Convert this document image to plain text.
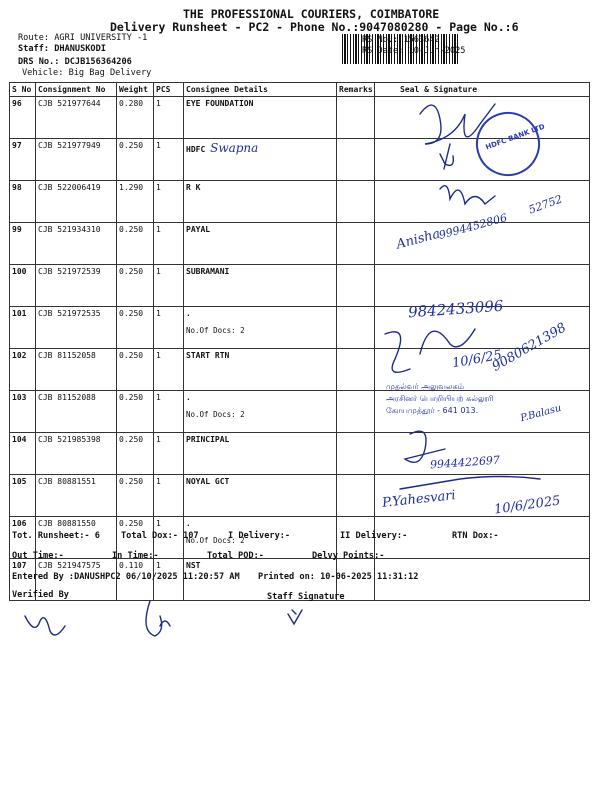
THE PROFESSIONAL COURIERS, COIMBATORE
Delivery Runsheet - PC2 - Phone No.:9047080280 - Page No.:6
Route: AGRI UNIVERSITY -1
Staff: DHANUSKODI
DRS No.: DCJB156364206
Vehicle: Big Bag Delivery
RS No.: 1563642
RS Date: 10-Jun-2025
S No	Consignment No	Weight	PCS	Consignee Details	Remarks	Seal & Signature
96	CJB 521977644	0.280	1	EYE FOUNDATION		
97	CJB 521977949	0.250	1	HDFC Swapna		
98	CJB 522006419	1.290	1	R K		
99	CJB 521934310	0.250	1	PAYAL		
100	CJB 521972539	0.250	1	SUBRAMANI		
101	CJB 521972535	0.250	1	.
No.Of Docs: 2		

102	CJB 81152058	0.250	1	START RTN		
103	CJB 81152088	0.250	1	.
No.Of Docs: 2		

104	CJB 521985398	0.250	1	PRINCIPAL		
105	CJB 80881551	0.250	1	NOYAL GCT		
106	CJB 80881550	0.250	1	.
No.Of Docs: 2		

107	CJB 521947575	0.110	1	NST		
HDFC BANK LTD
Anisha
9994452806
52752
9842433096
10/6/25
9080621398
முதல்வர் அலுவலகம்
அரசினர் பொறியியற் கல்லூரி
கோயமுத்தூர் - 641 013.	P.Balasu
9944422697
P.Yahesvari	10/6/2025
Tot. Runsheet:- 6 Total Dox:- 107	I Delivery:-	II Delivery:-	RTN Dox:-
Out Time:-	In Time:-	Total POD:-	Delvy Points:-
Entered By :DANUSHPC2 06/10/2025 11:20:57 AM Printed on: 10-06-2025 11:31:12
Verified By	Staff Signature
